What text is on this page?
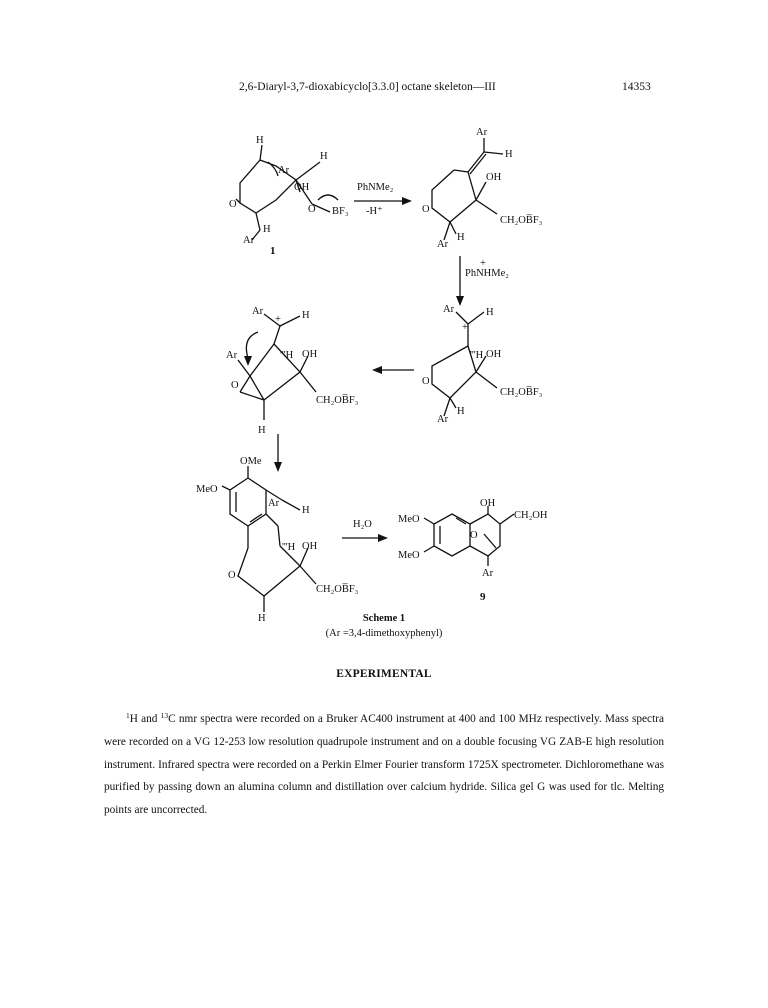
2,6-Diaryl-3,7-dioxabicyclo[3.3.0] octane skeleton—III	14353
H
H
Ar
OH
O	O BF₃
H
Ar
1
PhNMe₂
-H⁺
Ar
H
OH
O
CH₂OB̅F₃
H
Ar
+
PhNHMe₂
Ar
+
H
'''H OH
O
CH₂OB̅F₃
H
Ar
Ar
+ H
Ar	'''H OH
O
CH₂OB̅F₃
H
OMe
MeO
Ar
H
'''H OH
O
CH₂OB̅F₃
H
H₂O MeO
MeO
OH
CH₂OH
O
Ar
9
Scheme 1
(Ar =3,4-dimethoxyphenyl)
EXPERIMENTAL
$^1$H and $^{13}$C nmr spectra were recorded on a Bruker AC400 instrument at 400 and 100 MHz respectively. Mass spectra were recorded on a VG 12-253 low resolution quadrupole instrument and on a double focusing VG ZAB-E high resolution instrument. Infrared spectra were recorded on a Perkin Elmer Fourier transform 1725X spectrometer. Dichloromethane was purified by passing down an alumina column and distillation over calcium hydride. Silica gel G was used for tlc. Melting points are uncorrected.
